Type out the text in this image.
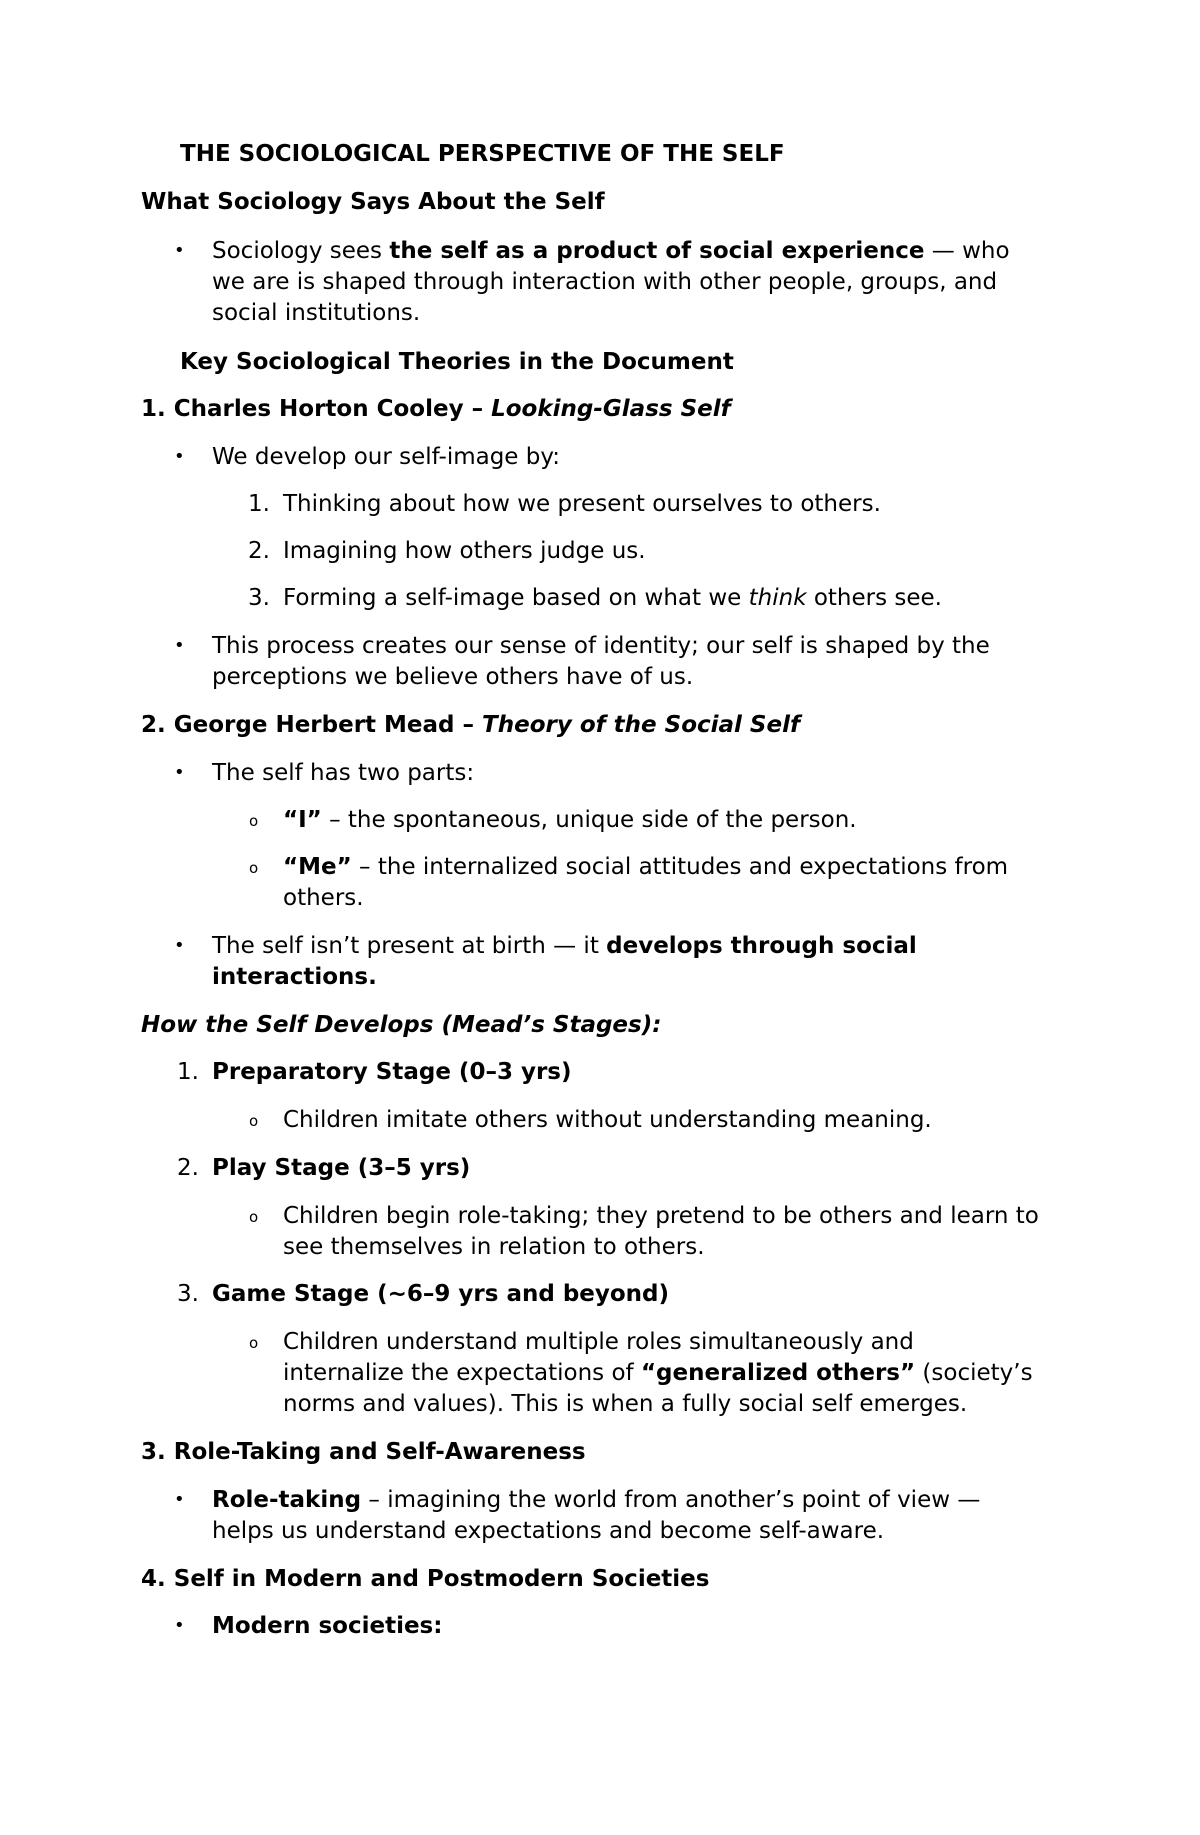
THE SOCIOLOGICAL PERSPECTIVE OF THE SELF
What Sociology Says About the Self
• Sociology sees the self as a product of social experience — who
we are is shaped through interaction with other people, groups, and
social institutions.
Key Sociological Theories in the Document
1. Charles Horton Cooley – Looking-Glass Self
• We develop our self-image by:
1. Thinking about how we present ourselves to others.
2. Imagining how others judge us.
3. Forming a self-image based on what we think others see.
• This process creates our sense of identity; our self is shaped by the
perceptions we believe others have of us.
2. George Herbert Mead – Theory of the Social Self
• The self has two parts:
o “I” – the spontaneous, unique side of the person.
o “Me” – the internalized social attitudes and expectations from
others.
• The self isn’t present at birth — it develops through social
interactions.
How the Self Develops (Mead’s Stages):
1. Preparatory Stage (0–3 yrs)
o Children imitate others without understanding meaning.
2. Play Stage (3–5 yrs)
o Children begin role-taking; they pretend to be others and learn to
see themselves in relation to others.
3. Game Stage (~6–9 yrs and beyond)
o Children understand multiple roles simultaneously and
internalize the expectations of “generalized others” (society’s
norms and values). This is when a fully social self emerges.
3. Role-Taking and Self-Awareness
• Role-taking – imagining the world from another’s point of view —
helps us understand expectations and become self-aware.
4. Self in Modern and Postmodern Societies
• Modern societies:
